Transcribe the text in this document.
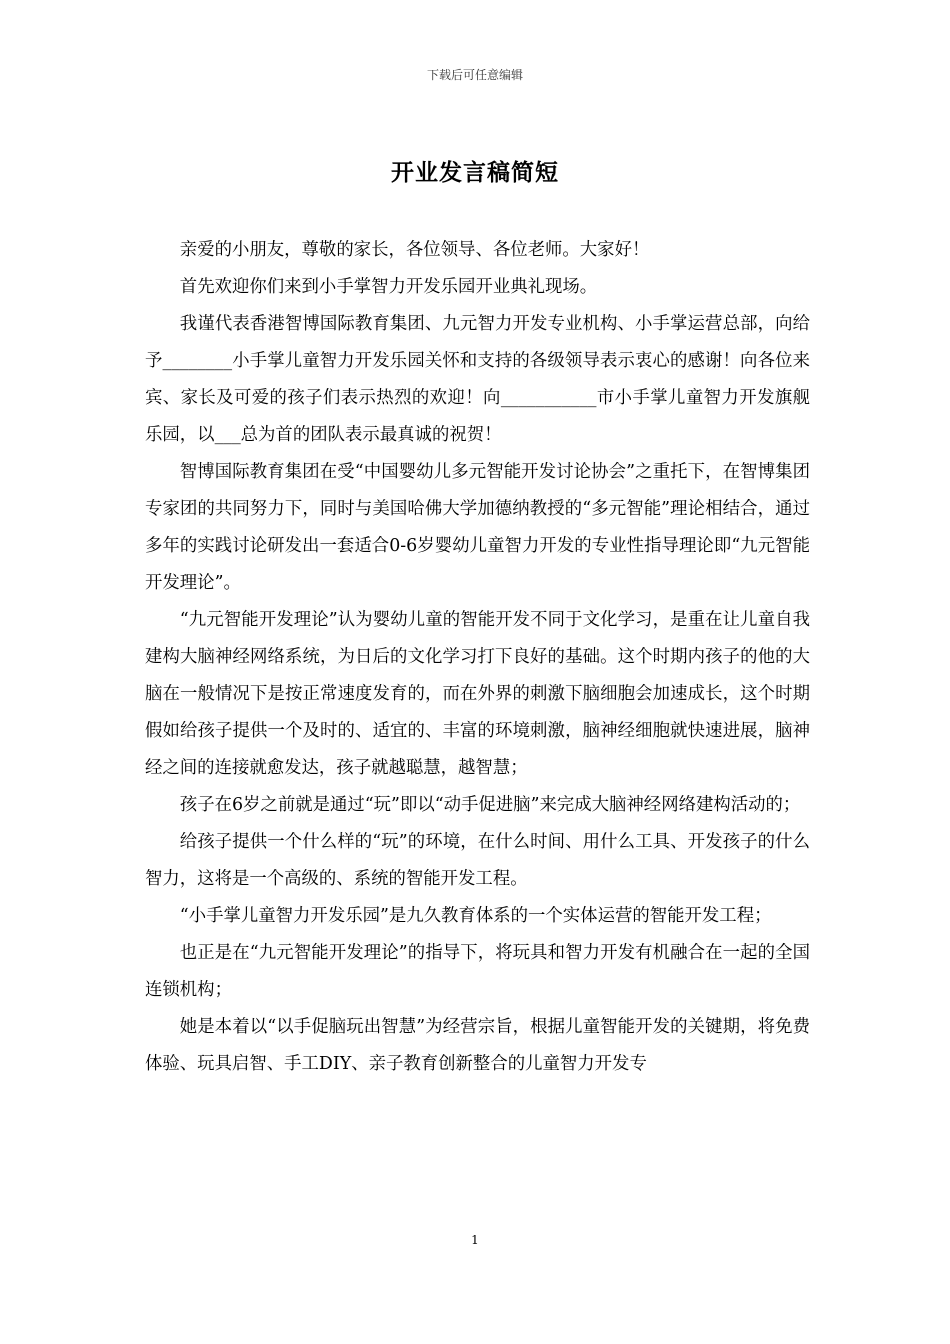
下载后可任意编辑
开业发言稿简短

亲爱的小朋友，尊敬的家长，各位领导、各位老师。大家好！

首先欢迎你们来到小手掌智力开发乐园开业典礼现场。

我谨代表香港智博国际教育集团、九元智力开发专业机构、小手掌运营总部，向给予________小手掌儿童智力开发乐园关怀和支持的各级领导表示衷心的感谢！向各位来宾、家长及可爱的孩子们表示热烈的欢迎！向___________市小手掌儿童智力开发旗舰乐园，以___总为首的团队表示最真诚的祝贺！

智博国际教育集团在受“中国婴幼儿多元智能开发讨论协会”之重托下，在智博集团专家团的共同努力下，同时与美国哈佛大学加德纳教授的“多元智能”理论相结合，通过多年的实践讨论研发出一套适合0-6岁婴幼儿童智力开发的专业性指导理论即“九元智能开发理论”。

“九元智能开发理论”认为婴幼儿童的智能开发不同于文化学习，是重在让儿童自我建构大脑神经网络系统，为日后的文化学习打下良好的基础。这个时期内孩子的他的大脑在一般情况下是按正常速度发育的，而在外界的刺激下脑细胞会加速成长，这个时期假如给孩子提供一个及时的、适宜的、丰富的环境刺激，脑神经细胞就快速进展，脑神经之间的连接就愈发达，孩子就越聪慧，越智慧；

孩子在6岁之前就是通过“玩”即以“动手促进脑”来完成大脑神经网络建构活动的；

给孩子提供一个什么样的“玩”的环境，在什么时间、用什么工具、开发孩子的什么智力，这将是一个高级的、系统的智能开发工程。

“小手掌儿童智力开发乐园”是九久教育体系的一个实体运营的智能开发工程；

也正是在“九元智能开发理论”的指导下，将玩具和智力开发有机融合在一起的全国连锁机构；

她是本着以“以手促脑玩出智慧”为经营宗旨，根据儿童智能开发的关键期，将免费体验、玩具启智、手工DIY、亲子教育创新整合的儿童智力开发专

1
